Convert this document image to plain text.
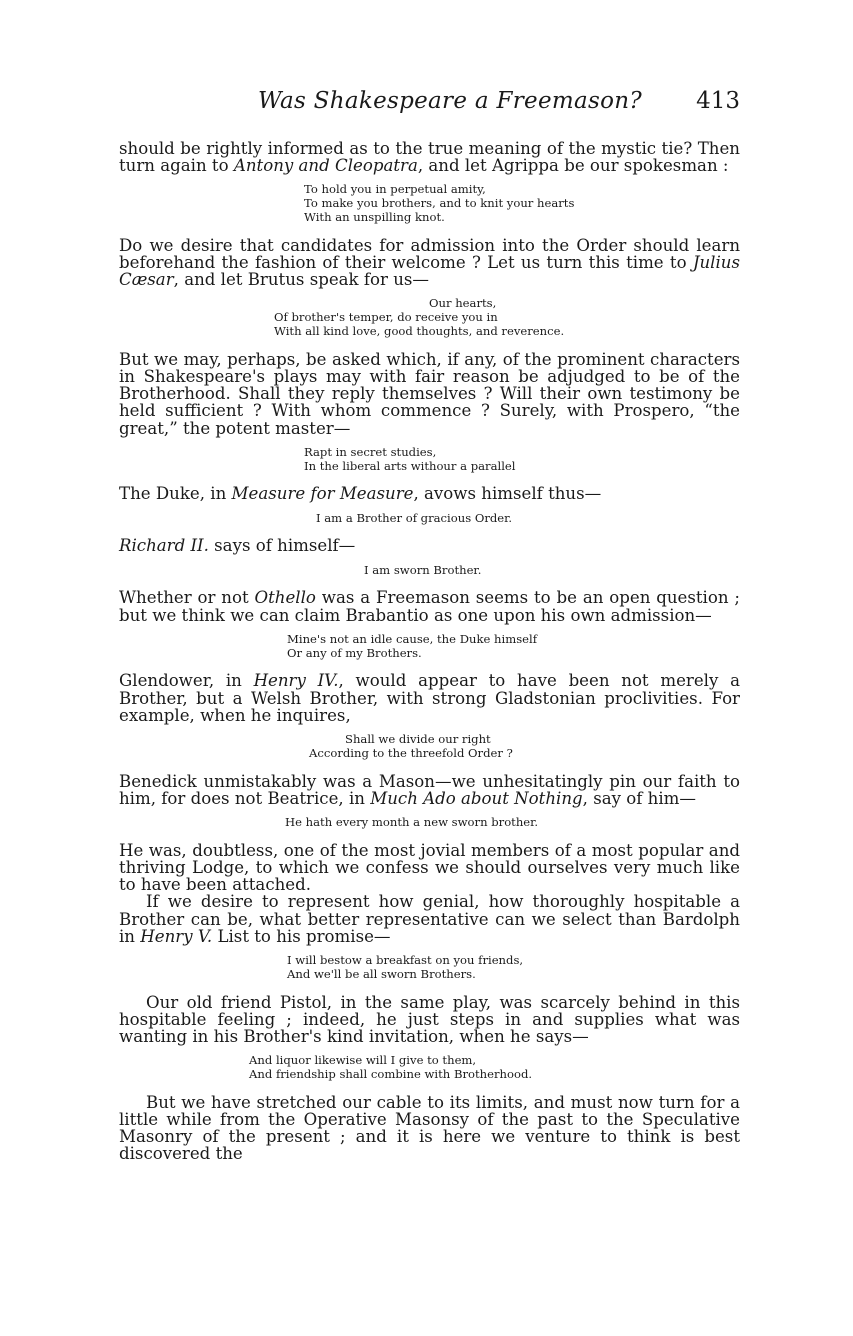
Was Shakespeare a Freemason? 413

should be rightly informed as to the true meaning of the mystic tie? Then turn again to Antony and Cleopatra, and let Agrippa be our spokesman :

To hold you in perpetual amity,
To make you brothers, and to knit your hearts
With an unspilling knot.

Do we desire that candidates for admission into the Order should learn beforehand the fashion of their welcome ? Let us turn this time to Julius Cæsar, and let Brutus speak for us—

Our hearts,
Of brother's temper, do receive you in
With all kind love, good thoughts, and reverence.

But we may, perhaps, be asked which, if any, of the prominent characters in Shakespeare's plays may with fair reason be adjudged to be of the Brotherhood. Shall they reply themselves ? Will their own testimony be held sufficient ? With whom commence ? Surely, with Prospero, “the great,” the potent master—

Rapt in secret studies,
In the liberal arts withour a parallel

The Duke, in Measure for Measure, avows himself thus—

I am a Brother of gracious Order.

Richard II. says of himself—

I am sworn Brother.

Whether or not Othello was a Freemason seems to be an open question ; but we think we can claim Brabantio as one upon his own admission—

Mine's not an idle cause, the Duke himself
Or any of my Brothers.

Glendower, in Henry IV., would appear to have been not merely a Brother, but a Welsh Brother, with strong Gladstonian proclivities. For example, when he inquires,

Shall we divide our right
According to the threefold Order ?

Benedick unmistakably was a Mason—we unhesitatingly pin our faith to him, for does not Beatrice, in Much Ado about Nothing, say of him—

He hath every month a new sworn brother.

He was, doubtless, one of the most jovial members of a most popular and thriving Lodge, to which we confess we should ourselves very much like to have been attached.

If we desire to represent how genial, how thoroughly hospitable a Brother can be, what better representative can we select than Bardolph in Henry V. List to his promise—

I will bestow a breakfast on you friends,
And we'll be all sworn Brothers.

Our old friend Pistol, in the same play, was scarcely behind in this hospitable feeling ; indeed, he just steps in and supplies what was wanting in his Brother's kind invitation, when he says—

And liquor likewise will I give to them,
And friendship shall combine with Brotherhood.

But we have stretched our cable to its limits, and must now turn for a little while from the Operative Masonsy of the past to the Speculative Masonry of the present ; and it is here we venture to think is best discovered the
